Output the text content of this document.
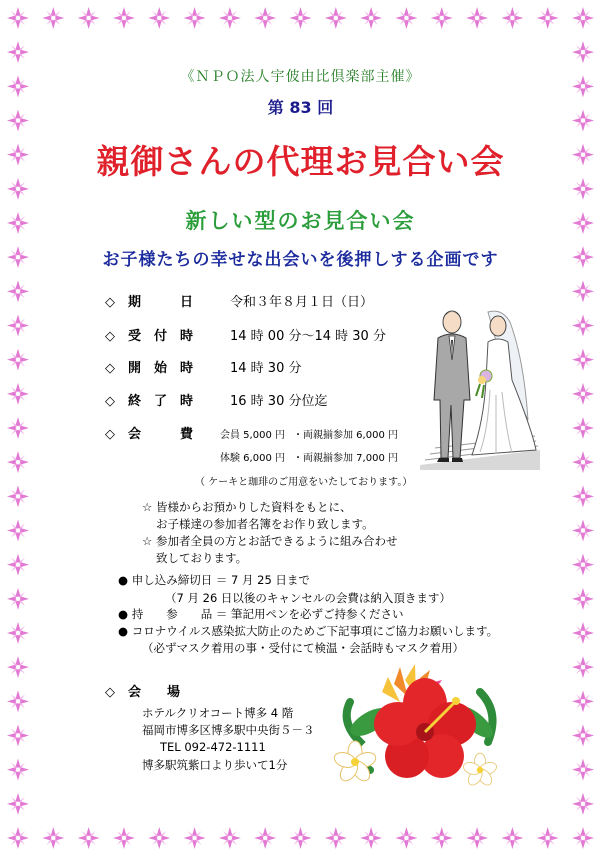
《ＮＰＯ法人宇佊由比倶楽部主催》
第 83 回
親御さんの代理お見合い会
新しい型のお見合い会
お子様たちの幸せな出会いを後押しする企画です
◇　期　　　日	令和３年８月１日（日）
◇　受　付　時	14 時 00 分～14 時 30 分
◇　開　始　時	14 時 30 分
◇　終　了　時	16 時 30 分位迄
◇　会　　　費	会員 5,000 円 ・両親揃参加 6,000 円
体験 6,000 円 ・両親揃参加 7,000 円
（ ケーキと珈琲のご用意をいたしております。）
☆ 皆様からお預かりした資料をもとに、
お子様達の参加者名簿をお作り致します。
☆ 参加者全員の方とお話できるように組み合わせ
致しております。
● 申し込み締切日 ＝ 7 月 25 日まで
（7 月 26 日以後のキャンセルの会費は納入頂きます）
● 持　　参　　品 ＝ 筆記用ペンを必ずご持参ください
● コロナウイルス感染拡大防止のためご下記事項にご協力お願いします。
（必ずマスク着用の事・受付にて検温・会話時もマスク着用）
◇　会　　場
ホテルクリオコート博多 4 階
福岡市博多区博多駅中央街５－３
TEL 092-472-1111
博多駅筑紫口より歩いて1分
